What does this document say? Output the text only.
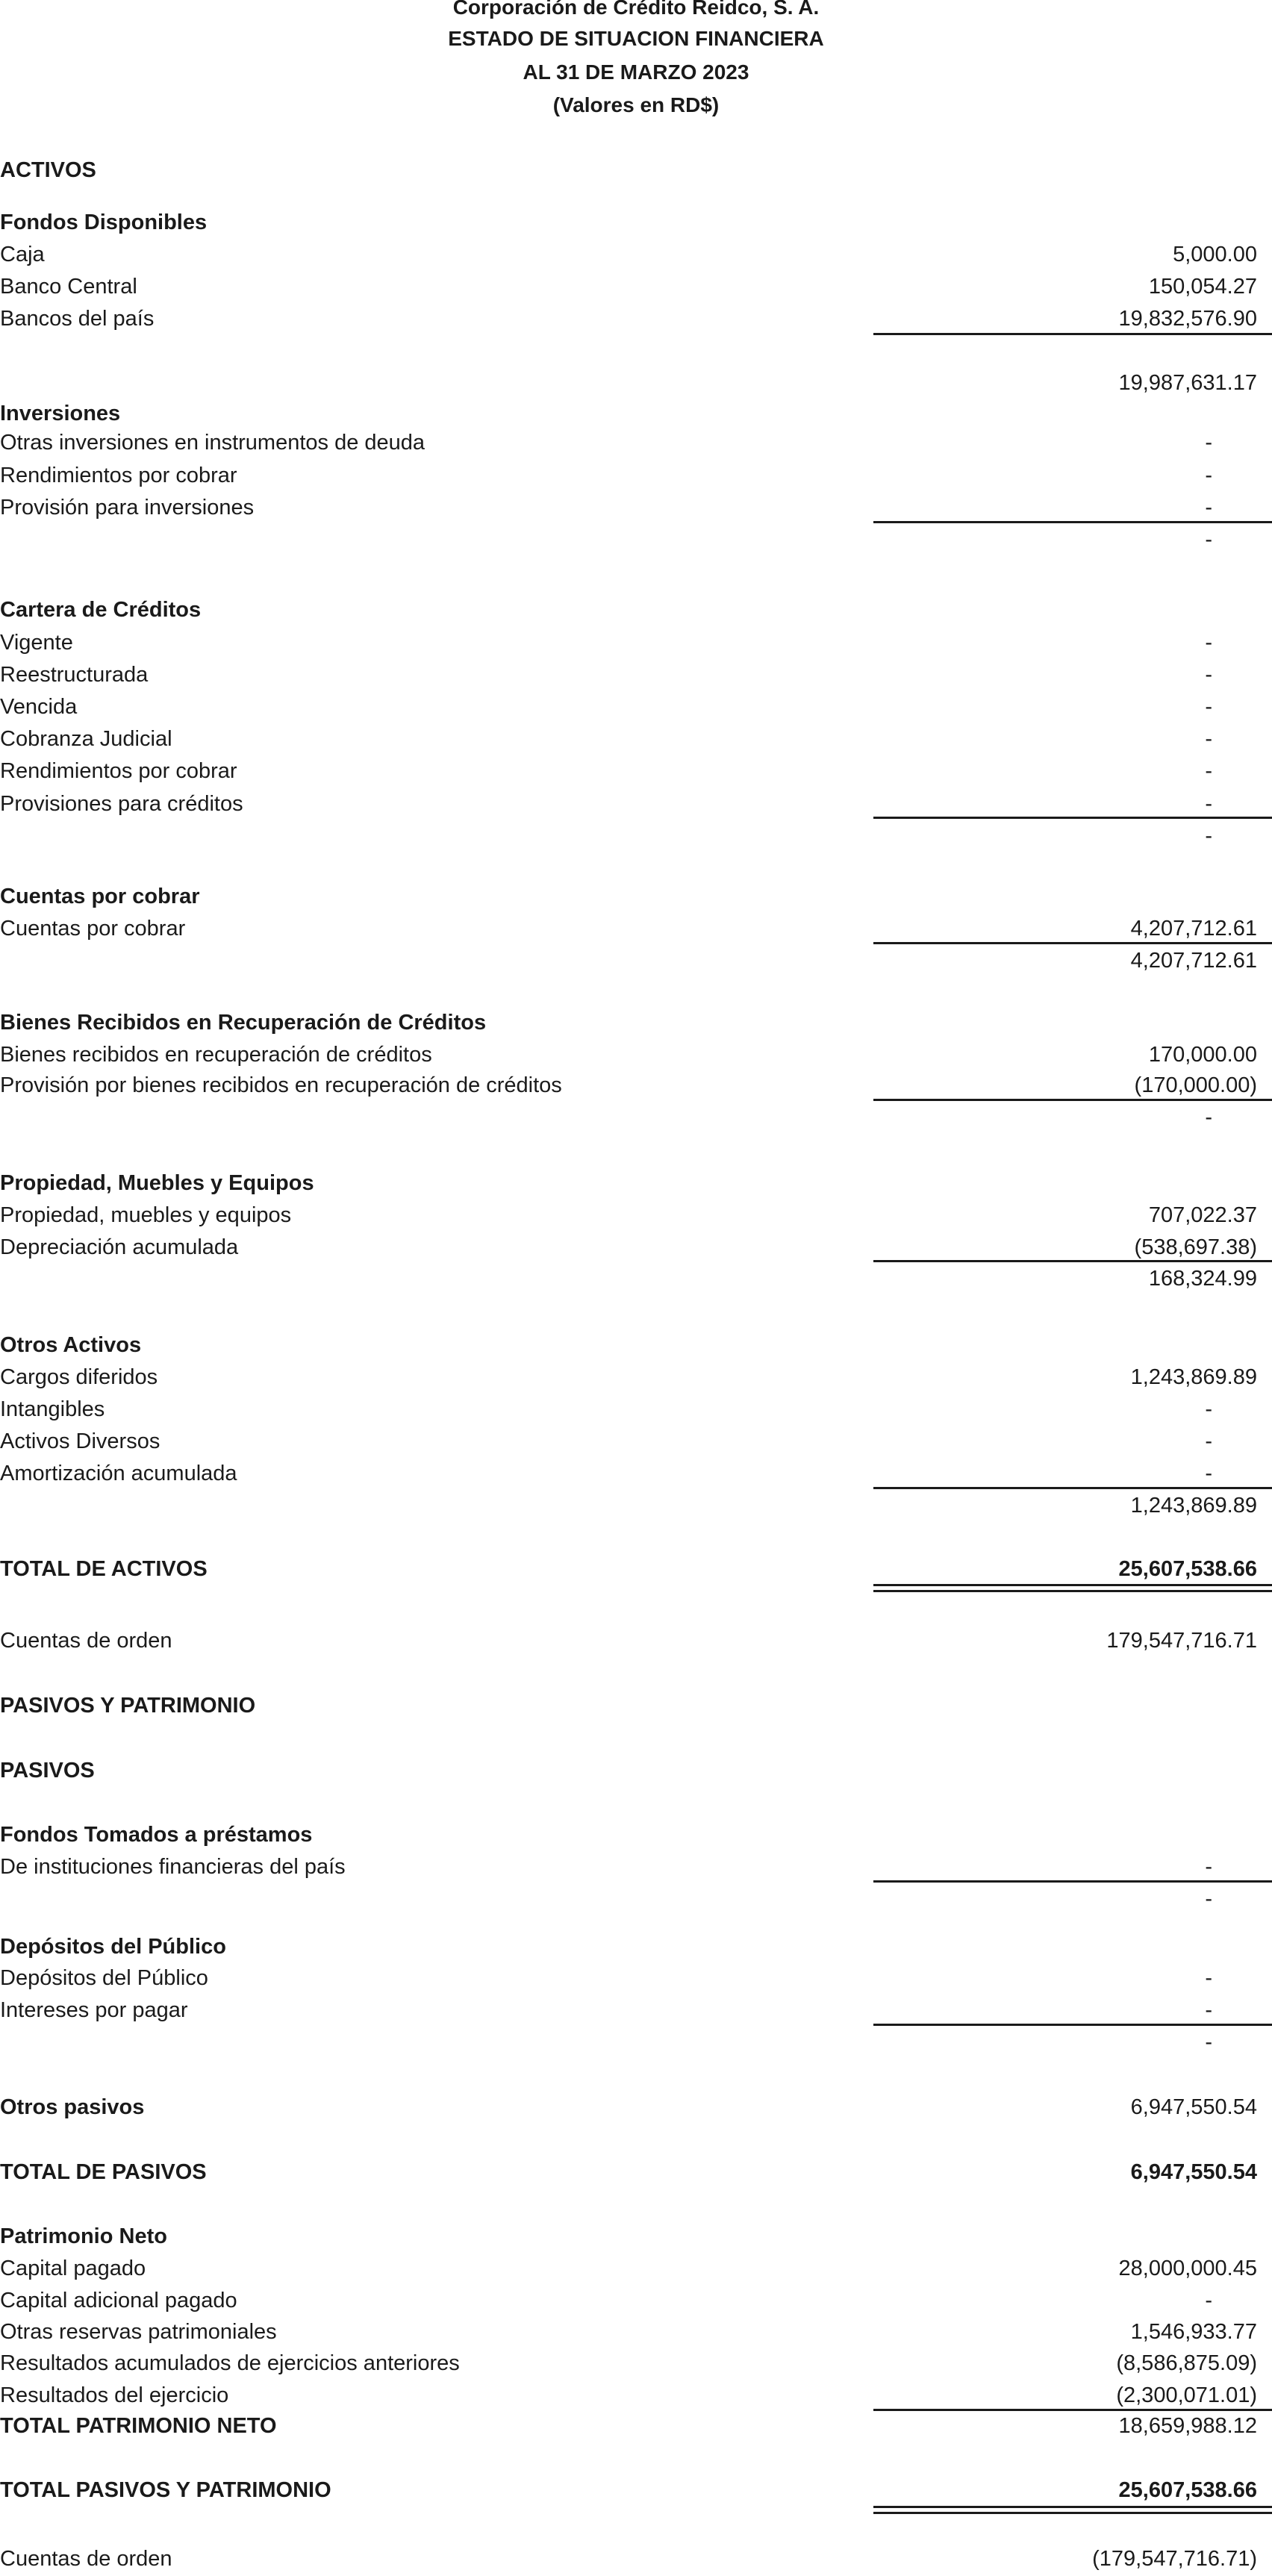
Corporación de Crédito Reidco, S. A.
ESTADO DE SITUACION FINANCIERA
AL 31 DE MARZO 2023
(Valores en RD$)
ACTIVOS
Fondos Disponibles
Caja	5,000.00
Banco Central	150,054.27
Bancos del país	19,832,576.90
19,987,631.17
Inversiones
Otras inversiones en instrumentos de deuda	-
Rendimientos por cobrar	-
Provisión para inversiones	-
-
Cartera de Créditos
Vigente	-
Reestructurada	-
Vencida	-
Cobranza Judicial	-
Rendimientos por cobrar	-
Provisiones para créditos	-
-
Cuentas por cobrar
Cuentas por cobrar	4,207,712.61
4,207,712.61
Bienes Recibidos en Recuperación de Créditos
Bienes recibidos en recuperación de créditos	170,000.00
Provisión por bienes recibidos en recuperación de créditos	(170,000.00)
-
Propiedad, Muebles y Equipos
Propiedad, muebles y equipos	707,022.37
Depreciación acumulada	(538,697.38)
168,324.99
Otros Activos
Cargos diferidos	1,243,869.89
Intangibles	-
Activos Diversos	-
Amortización acumulada	-
1,243,869.89
TOTAL DE ACTIVOS	25,607,538.66
Cuentas de orden	179,547,716.71
PASIVOS Y PATRIMONIO
PASIVOS
Fondos Tomados a préstamos
De instituciones financieras del país	-
-
Depósitos del Público
Depósitos del Público	-
Intereses por pagar	-
-
Otros pasivos	6,947,550.54
TOTAL DE PASIVOS	6,947,550.54
Patrimonio Neto
Capital pagado	28,000,000.45
Capital adicional pagado	-
Otras reservas patrimoniales	1,546,933.77
Resultados acumulados de ejercicios anteriores	(8,586,875.09)
Resultados del ejercicio	(2,300,071.01)
TOTAL PATRIMONIO NETO	18,659,988.12
TOTAL PASIVOS Y PATRIMONIO	25,607,538.66
Cuentas de orden	(179,547,716.71)
